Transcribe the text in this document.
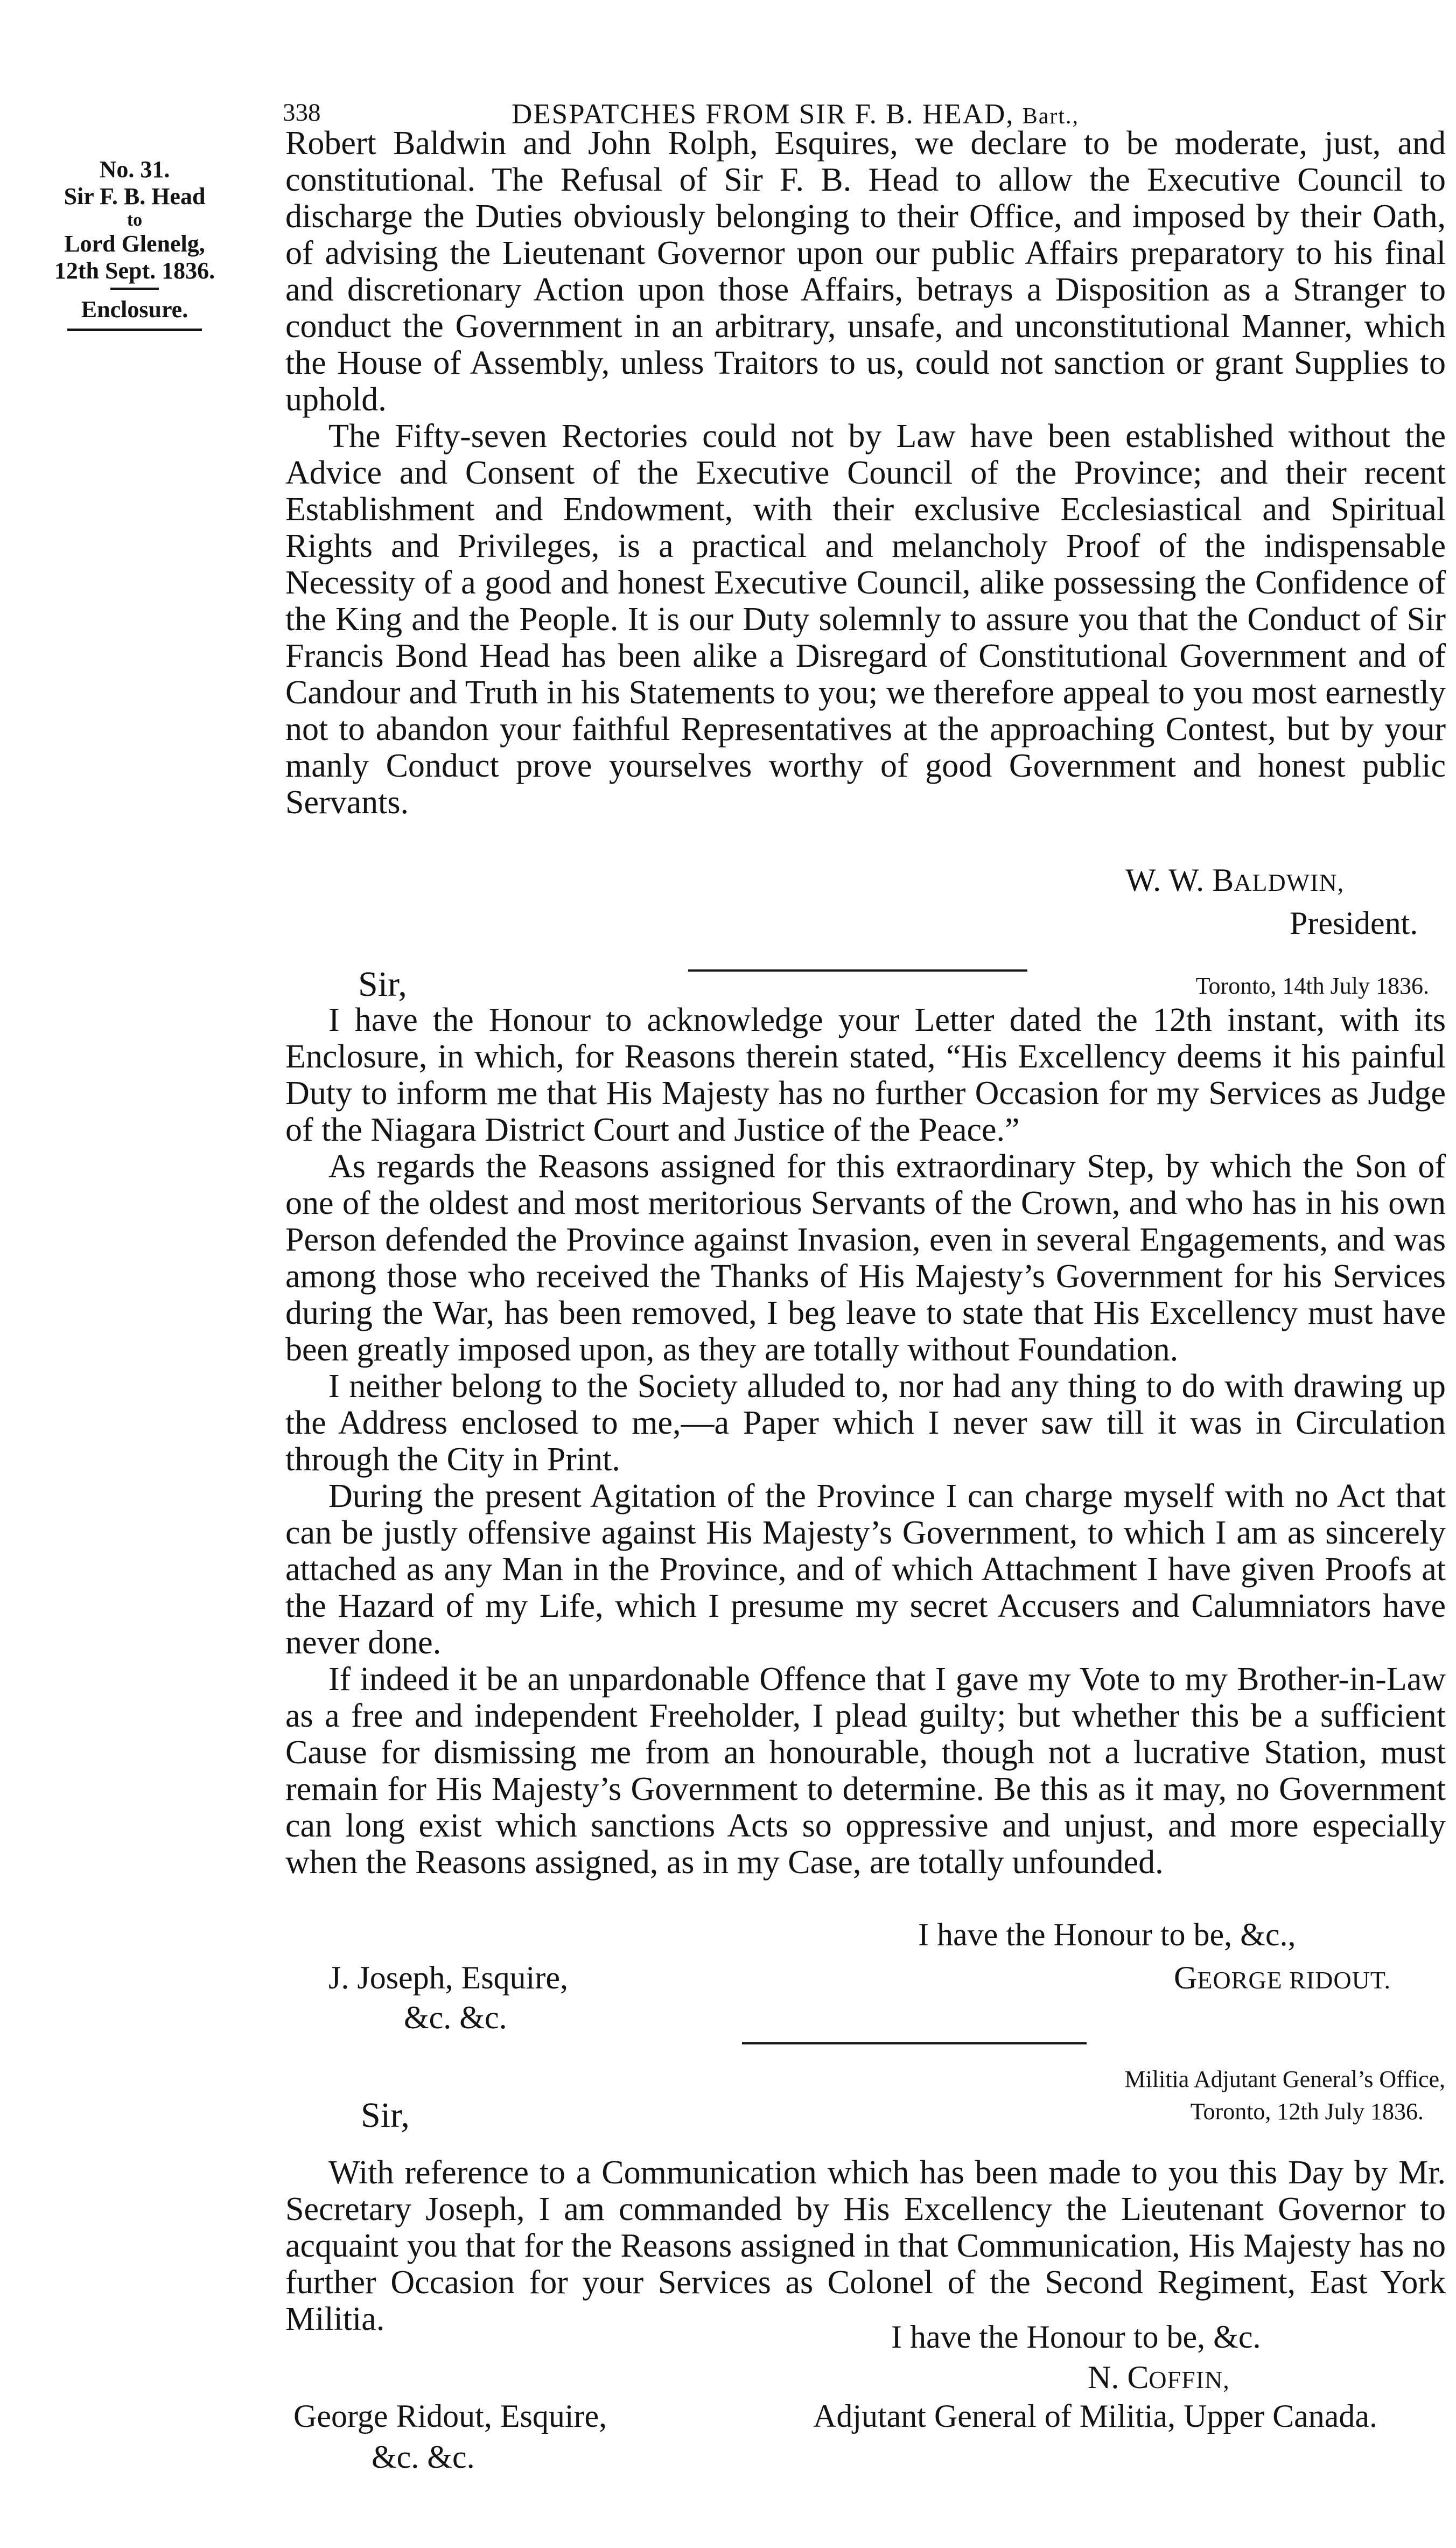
338	DESPATCHES FROM SIR F. B. HEAD, Bart.,
No. 31.
Sir F. B. Head
to
Lord Glenelg,
12th Sept. 1836.
Enclosure.

Robert Baldwin and John Rolph, Esquires, we declare to be moderate, just, and constitutional. The Refusal of Sir F. B. Head to allow the Executive Council to discharge the Duties obviously belonging to their Office, and imposed by their Oath, of advising the Lieutenant Governor upon our public Affairs preparatory to his final and discretionary Action upon those Affairs, betrays a Disposition as a Stranger to conduct the Government in an arbitrary, unsafe, and unconstitutional Manner, which the House of Assembly, unless Traitors to us, could not sanction or grant Supplies to uphold.

The Fifty-seven Rectories could not by Law have been established without the Advice and Consent of the Executive Council of the Province; and their recent Establishment and Endowment, with their exclusive Ecclesiastical and Spiritual Rights and Privileges, is a practical and melancholy Proof of the indispensable Necessity of a good and honest Executive Council, alike possessing the Confidence of the King and the People. It is our Duty solemnly to assure you that the Conduct of Sir Francis Bond Head has been alike a Disregard of Constitutional Government and of Candour and Truth in his Statements to you; we therefore appeal to you most earnestly not to abandon your faithful Representatives at the approaching Contest, but by your manly Conduct prove yourselves worthy of good Government and honest public Servants.

W. W. BALDWIN,
President.
Sir,	Toronto, 14th July 1836.

I have the Honour to acknowledge your Letter dated the 12th instant, with its Enclosure, in which, for Reasons therein stated, “His Excellency deems it his painful Duty to inform me that His Majesty has no further Occasion for my Services as Judge of the Niagara District Court and Justice of the Peace.”

As regards the Reasons assigned for this extraordinary Step, by which the Son of one of the oldest and most meritorious Servants of the Crown, and who has in his own Person defended the Province against Invasion, even in several Engagements, and was among those who received the Thanks of His Majesty’s Government for his Services during the War, has been removed, I beg leave to state that His Excellency must have been greatly imposed upon, as they are totally without Foundation.

I neither belong to the Society alluded to, nor had any thing to do with drawing up the Address enclosed to me,—a Paper which I never saw till it was in Circulation through the City in Print.

During the present Agitation of the Province I can charge myself with no Act that can be justly offensive against His Majesty’s Government, to which I am as sincerely attached as any Man in the Province, and of which Attachment I have given Proofs at the Hazard of my Life, which I presume my secret Accusers and Calumniators have never done.

If indeed it be an unpardonable Offence that I gave my Vote to my Brother-in-Law as a free and independent Freeholder, I plead guilty; but whether this be a sufficient Cause for dismissing me from an honourable, though not a lucrative Station, must remain for His Majesty’s Government to determine. Be this as it may, no Government can long exist which sanctions Acts so oppressive and unjust, and more especially when the Reasons assigned, as in my Case, are totally unfounded.

I have the Honour to be, &c.,
J. Joseph, Esquire,
&c. &c.
GEORGE RIDOUT.
Militia Adjutant General’s Office,
Toronto, 12th July 1836.
Sir,

With reference to a Communication which has been made to you this Day by Mr. Secretary Joseph, I am commanded by His Excellency the Lieutenant Governor to acquaint you that for the Reasons assigned in that Communication, His Majesty has no further Occasion for your Services as Colonel of the Second Regiment, East York Militia.	I have the Honour to be, &c.
N. COFFIN,
George Ridout, Esquire,	Adjutant General of Militia, Upper Canada.
&c. &c.
